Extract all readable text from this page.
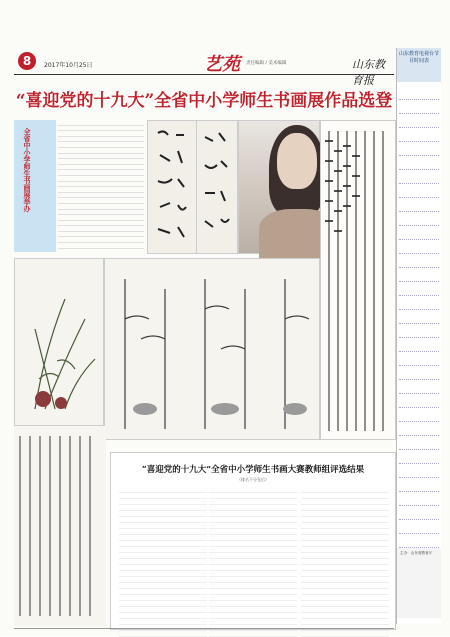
8	2017年10月25日	艺苑 责任编辑 / 美术编辑	山东教育报
山东教育电视台节目时间表
主办：山东省教育厅
“喜迎党的十九大”全省中小学师生书画展作品选登
全省中小学师生书画展举办
“喜迎党的十九大”全省中小学师生书画大赛教师组评选结果
（排名不分先后）
